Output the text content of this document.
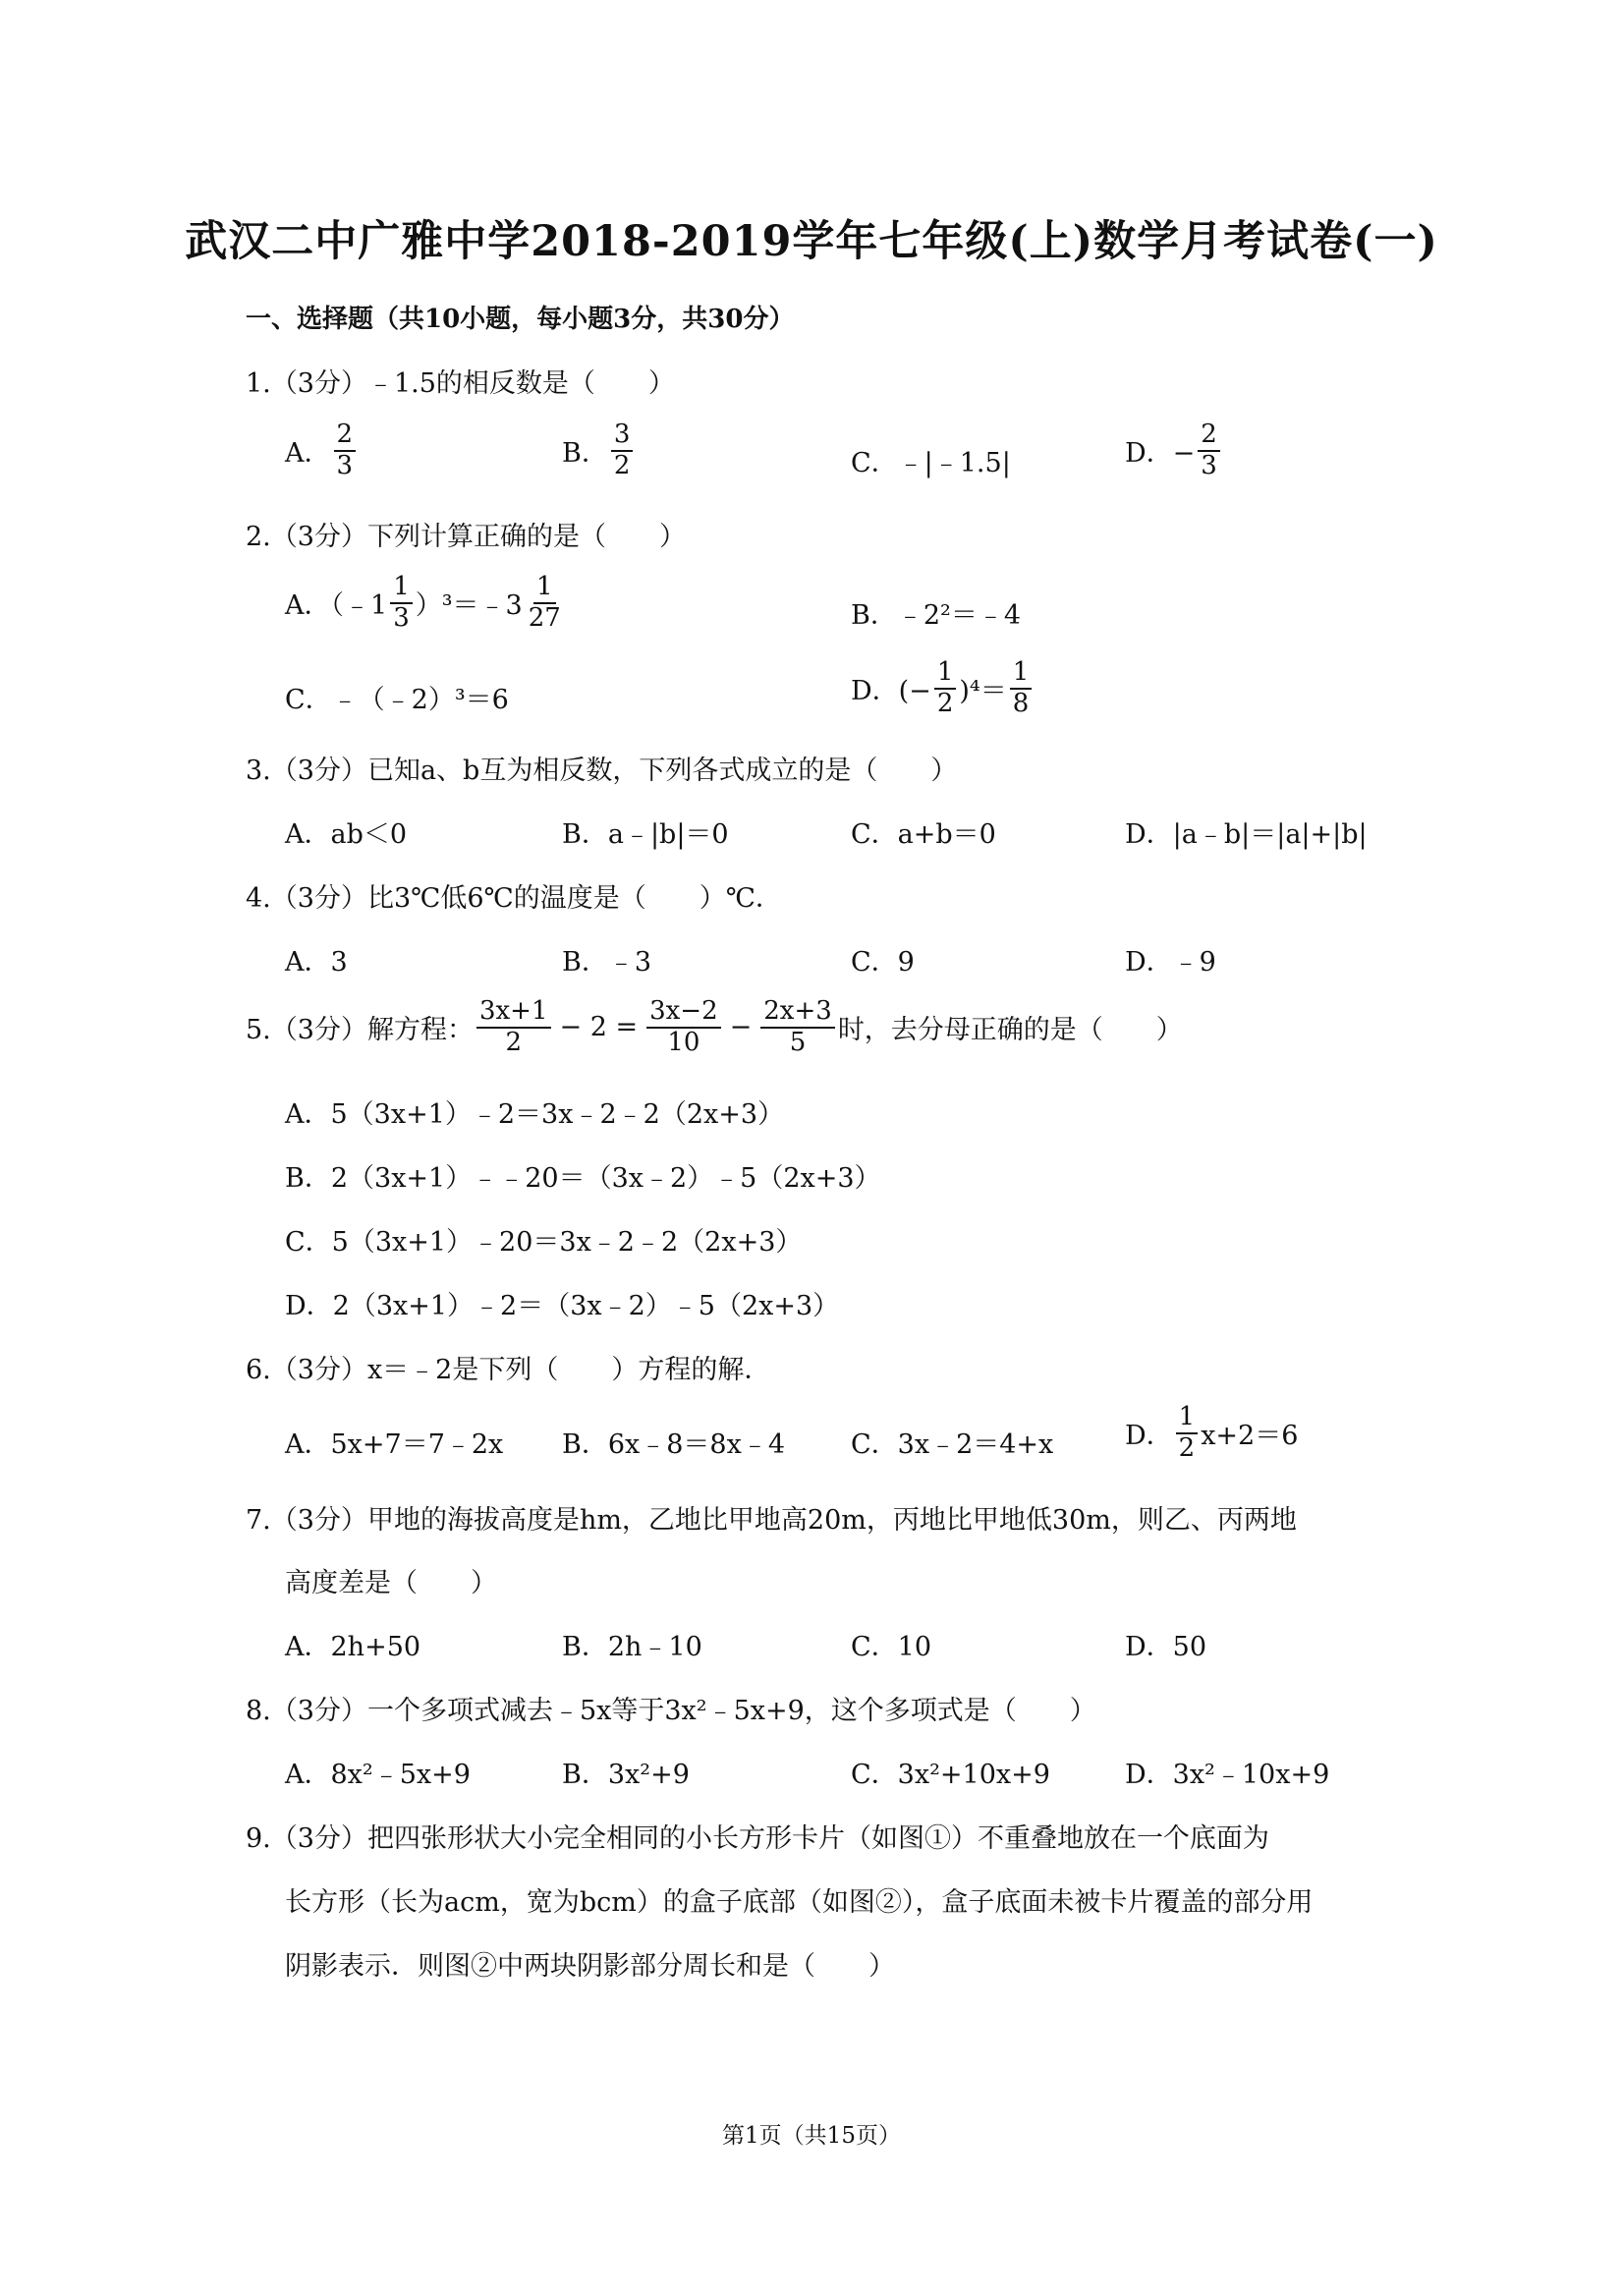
武汉二中广雅中学2018-2019学年七年级(上)数学月考试卷(一)
一、选择题（共10小题，每小题3分，共30分）
1.（3分）﹣1.5的相反数是（　　）
A． $\frac{2}{3}$	B． $\frac{3}{2}$	C．﹣|﹣1.5|	D．− $\frac{2}{3}$
2.（3分）下列计算正确的是（　　）
A．（﹣1 $\frac{1}{3}$ ）³＝﹣3 $\frac{1}{27}$	B．﹣2²＝﹣4
C．﹣（﹣2）³＝6	D．(− $\frac{1}{2} )^4= \frac{1}{8}$
3.（3分）已知a、b互为相反数，下列各式成立的是（　　）
A．ab＜0	B．a﹣|b|＝0	C．a+b＝0	D．|a﹣b|＝|a|+|b|
4.（3分）比3℃低6℃的温度是（　　）℃．
A．3	B．﹣3	C．9	D．﹣9
5.（3分）解方程： $\frac{3x+1}{2} - 2 = \frac{3x-2}{10} - \frac{2x+3}{5}$ 时，去分母正确的是（　　）
A．5（3x+1）﹣2＝3x﹣2﹣2（2x+3）
B．2（3x+1）﹣﹣20＝（3x﹣2）﹣5（2x+3）
C．5（3x+1）﹣20＝3x﹣2﹣2（2x+3）
D．2（3x+1）﹣2＝（3x﹣2）﹣5（2x+3）
6.（3分）x＝﹣2是下列（　　）方程的解．
A．5x+7＝7﹣2x B．6x﹣8＝8x﹣4 C．3x﹣2＝4+x	D． $\frac{1}{2} x+2=6$
7.（3分）甲地的海拔高度是hm，乙地比甲地高20m，丙地比甲地低30m，则乙、丙两地
高度差是（　　）
A．2h+50	B．2h﹣10	C．10	D．50
8.（3分）一个多项式减去﹣5x等于3x²﹣5x+9，这个多项式是（　　）
A．8x²﹣5x+9	B．3x²+9	C．3x²+10x+9	D．3x²﹣10x+9
9.（3分）把四张形状大小完全相同的小长方形卡片（如图①）不重叠地放在一个底面为
长方形（长为acm，宽为bcm）的盒子底部（如图②），盒子底面未被卡片覆盖的部分用
阴影表示．则图②中两块阴影部分周长和是（　　）
第1页（共15页）
